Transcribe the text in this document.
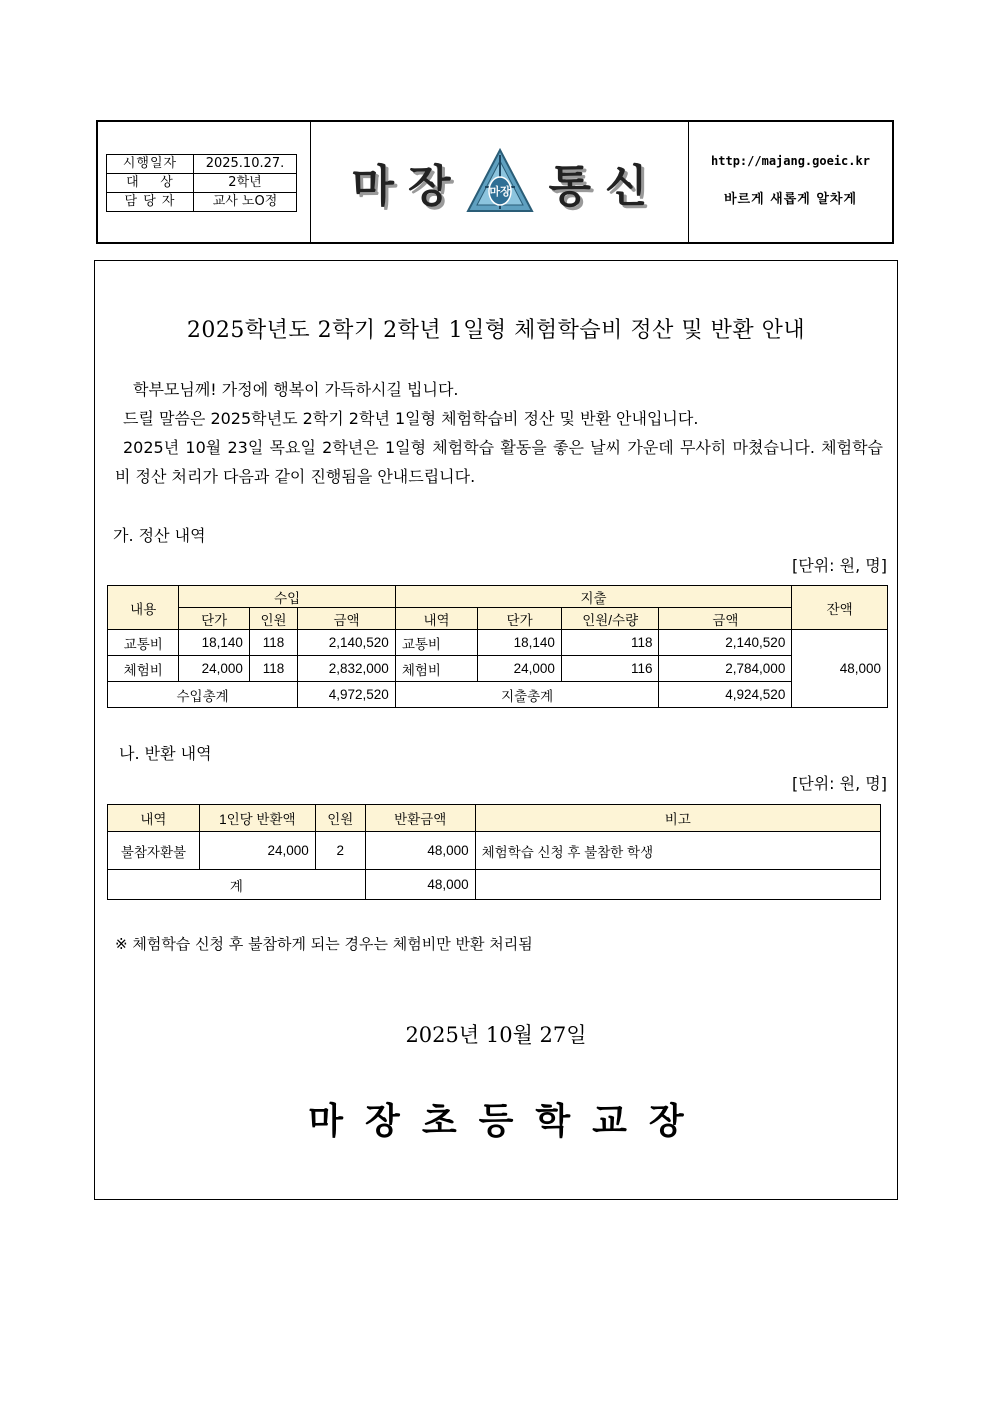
시행일자	2025.10.27.
대    상	2학년
담 당 자	교사 노O정 마 장	마장 통 신	http://majang.goeic.kr
바르게 새롭게 알차게
2025학년도 2학기 2학년 1일형 체험학습비 정산 및 반환 안내
학부모님께! 가정에 행복이 가득하시길 빕니다.
드릴 말씀은 2025학년도 2학기 2학년 1일형 체험학습비 정산 및 반환 안내입니다.
2025년 10월 23일 목요일 2학년은 1일형 체험학습 활동을 좋은 날씨 가운데 무사히 마쳤습니다. 체험학습비 정산 처리가 다음과 같이 진행됨을 안내드립니다.
가. 정산 내역
[단위: 원, 명]
내용	수입			지출				잔액
	단가	인원	금액	내역	단가	인원/수량	금액	
교통비	18,140	118	2,140,520	교통비	18,140	118	2,140,520	48,000
체험비	24,000	118	2,832,000	체험비	24,000	116	2,784,000	
수입총계			4,972,520	지출총계			4,924,520	
나. 반환 내역
[단위: 원, 명]
내역	1인당 반환액	인원	반환금액	비고
불참자환불	24,000	2	48,000	체험학습 신청 후 불참한 학생
계			48,000	
※ 체험학습 신청 후 불참하게 되는 경우는 체험비만 반환 처리됨
2025년 10월 27일
마장초등학교장
